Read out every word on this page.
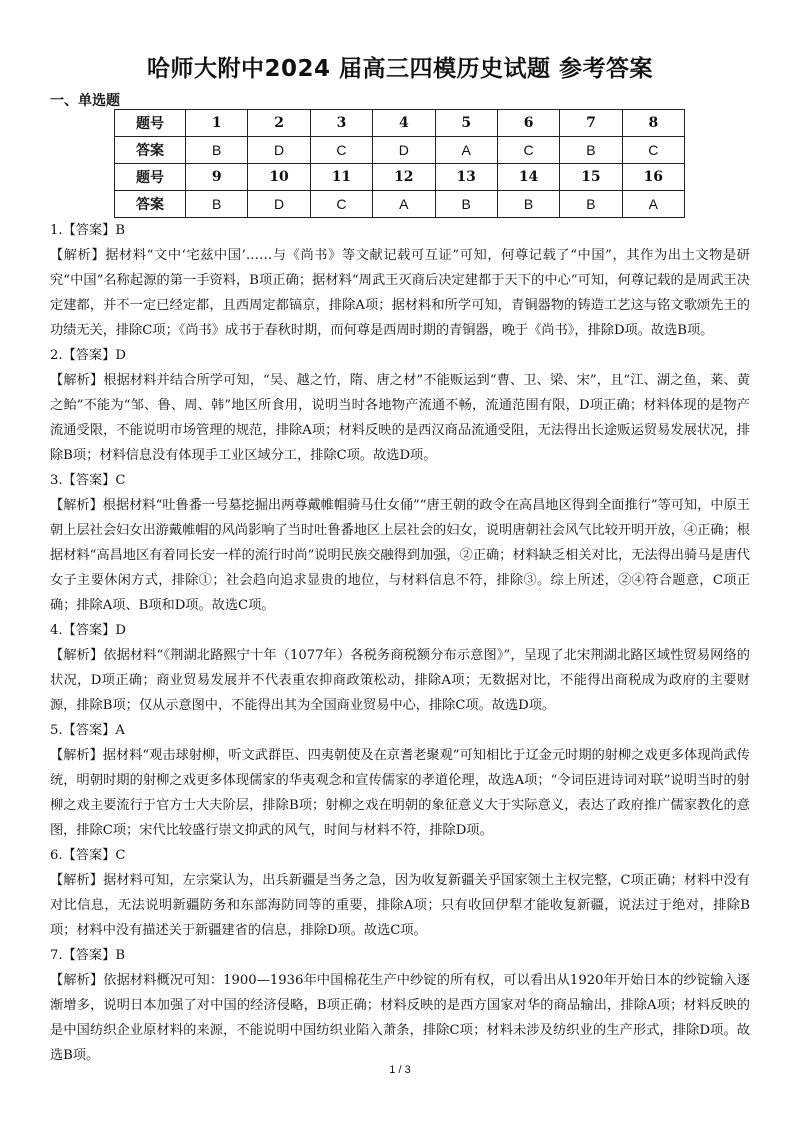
哈师大附中2024 届高三四模历史试题 参考答案
一、单选题
题号	1	2	3	4	5	6	7	8
答案	B	D	C	D	A	C	B	C
题号	9	10	11	12	13	14	15	16
答案	B	D	C	A	B	B	B	A

1.【答案】B

【解析】据材料“文中‘宅兹中国’……与《尚书》等文献记载可互证”可知，何尊记载了“中国”，其作为出土文物是研究“中国”名称起源的第一手资料，B项正确；据材料“周武王灭商后决定建都于天下的中心”可知，何尊记载的是周武王决定建都，并不一定已经定都，且西周定都镐京，排除A项；据材料和所学可知，青铜器物的铸造工艺这与铭文歌颂先王的功绩无关，排除C项；《尚书》成书于春秋时期，而何尊是西周时期的青铜器，晚于《尚书》，排除D项。故选B项。

2.【答案】D

【解析】根据材料并结合所学可知，“吴、越之竹，隋、唐之材”不能贩运到“曹、卫、梁、宋”，且“江、湖之鱼，莱、黄之鲐”不能为“邹、鲁、周、韩”地区所食用，说明当时各地物产流通不畅，流通范围有限，D项正确；材料体现的是物产流通受限，不能说明市场管理的规范，排除A项；材料反映的是西汉商品流通受阻，无法得出长途贩运贸易发展状况，排除B项；材料信息没有体现手工业区域分工，排除C项。故选D项。

3.【答案】C

【解析】根据材料“吐鲁番一号墓挖掘出两尊戴帷帽骑马仕女俑”“唐王朝的政令在高昌地区得到全面推行”等可知，中原王朝上层社会妇女出游戴帷帽的风尚影响了当时吐鲁番地区上层社会的妇女，说明唐朝社会风气比较开明开放，④正确；根据材料“高昌地区有着同长安一样的流行时尚”说明民族交融得到加强，②正确；材料缺乏相关对比，无法得出骑马是唐代女子主要休闲方式，排除①；社会趋向追求显贵的地位，与材料信息不符，排除③。综上所述，②④符合题意，C项正确；排除A项、B项和D项。故选C项。

4.【答案】D

【解析】依据材料“《荆湖北路熙宁十年（1077年）各税务商税额分布示意图》”，呈现了北宋荆湖北路区域性贸易网络的状况，D项正确；商业贸易发展并不代表重农抑商政策松动，排除A项；无数据对比，不能得出商税成为政府的主要财源，排除B项；仅从示意图中，不能得出其为全国商业贸易中心，排除C项。故选D项。

5.【答案】A

【解析】据材料“观击球射柳，听文武群臣、四夷朝使及在京耆老聚观”可知相比于辽金元时期的射柳之戏更多体现尚武传统，明朝时期的射柳之戏更多体现儒家的华夷观念和宣传儒家的孝道伦理，故选A项；“令词臣进诗词对联”说明当时的射柳之戏主要流行于官方士大夫阶层，排除B项；射柳之戏在明朝的象征意义大于实际意义，表达了政府推广儒家教化的意图，排除C项；宋代比较盛行崇文抑武的风气，时间与材料不符，排除D项。

6.【答案】C

【解析】据材料可知，左宗棠认为，出兵新疆是当务之急，因为收复新疆关乎国家领土主权完整，C项正确；材料中没有对比信息，无法说明新疆防务和东部海防同等的重要，排除A项；只有收回伊犁才能收复新疆，说法过于绝对，排除B项；材料中没有描述关于新疆建省的信息，排除D项。故选C项。

7.【答案】B

【解析】依据材料概况可知：1900—1936年中国棉花生产中纱锭的所有权，可以看出从1920年开始日本的纱锭输入逐渐增多，说明日本加强了对中国的经济侵略，B项正确；材料反映的是西方国家对华的商品输出，排除A项；材料反映的是中国纺织企业原材料的来源，不能说明中国纺织业陷入萧条，排除C项；材料未涉及纺织业的生产形式，排除D项。故选B项。

1 / 3
